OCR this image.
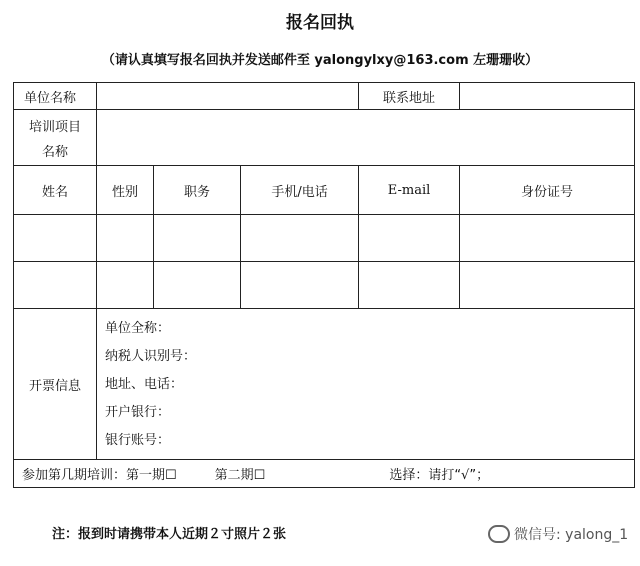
报名回执
（请认真填写报名回执并发送邮件至 yalongylxy@163.com 左珊珊收）
单位名称				联系地址	

培训项目
名称					

姓名	性别	职务	手机/电话	E-mail	身份证号

开票信息	单位全称：
纳税人识别号：
地址、电话：
开户银行：
银行账号：				

参加第几期培训：第一期☐ 第二期☐ 选择：请打“√”；					
注：报到时请携带本人近期２寸照片２张	微信号: yalong_1
